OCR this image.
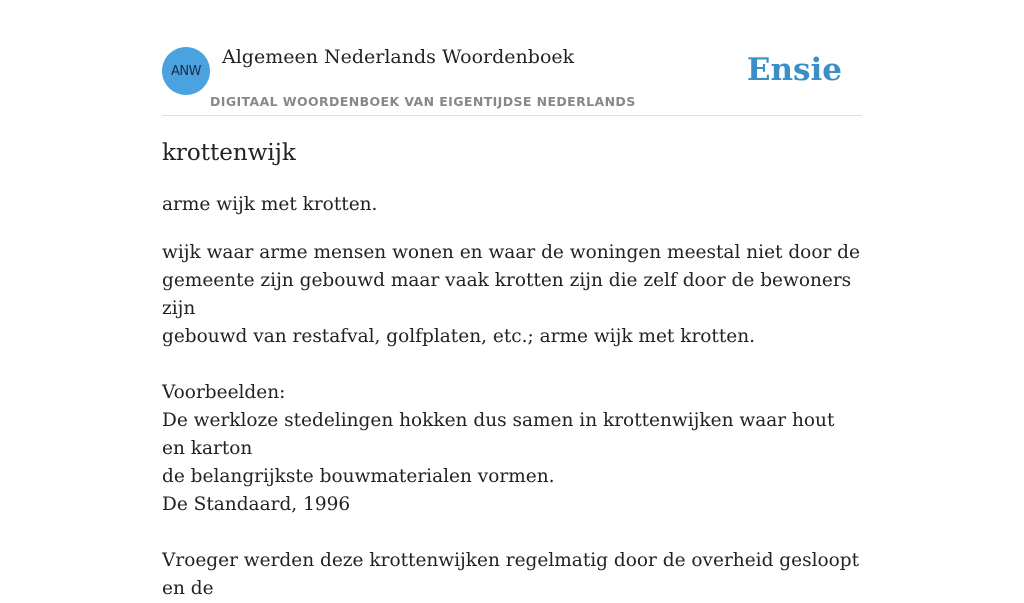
ANW
Algemeen Nederlands Woordenboek
DIGITAAL WOORDENBOEK VAN EIGENTIJDSE NEDERLANDS
Ensie
krottenwijk
arme wijk met krotten.

wijk waar arme mensen wonen en waar de woningen meestal niet door de

gemeente zijn gebouwd maar vaak krotten zijn die zelf door de bewoners zijn

gebouwd van restafval, golfplaten, etc.; arme wijk met krotten.

Voorbeelden:

De werkloze stedelingen hokken dus samen in krottenwijken waar hout en karton

de belangrijkste bouwmaterialen vormen.

De Standaard, 1996

Vroeger werden deze krottenwijken regelmatig door de overheid gesloopt en de
